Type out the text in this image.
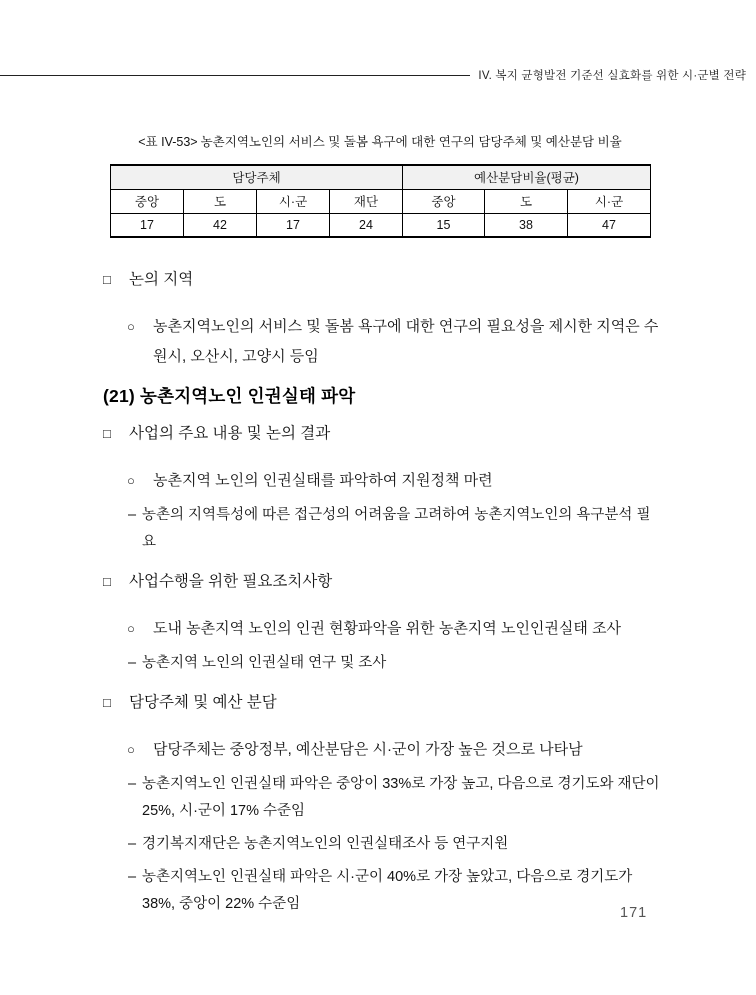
IV. 복지 균형발전 기준선 실효화를 위한 시·군별 전략
<표 IV-53> 농촌지역노인의 서비스 및 돌봄 욕구에 대한 연구의 담당주체 및 예산분담 비율
담당주체				예산분담비율(평균)		
중앙	도	시·군	재단	중앙	도	시·군
17	42	17	24	15	38	47
□	논의 지역
○	농촌지역노인의 서비스 및 돌봄 욕구에 대한 연구의 필요성을 제시한 지역은 수원시, 오산시, 고양시 등임
(21) 농촌지역노인 인권실태 파악
□	사업의 주요 내용 및 논의 결과
○	농촌지역 노인의 인권실태를 파악하여 지원정책 마련
– 농촌의 지역특성에 따른 접근성의 어려움을 고려하여 농촌지역노인의 욕구분석 필요
□	사업수행을 위한 필요조치사항
○	도내 농촌지역 노인의 인권 현황파악을 위한 농촌지역 노인인권실태 조사
– 농촌지역 노인의 인권실태 연구 및 조사
□	담당주체 및 예산 분담
○	담당주체는 중앙정부, 예산분담은 시·군이 가장 높은 것으로 나타남
– 농촌지역노인 인권실태 파악은 중앙이 33%로 가장 높고, 다음으로 경기도와 재단이 25%, 시·군이 17% 수준임
– 경기복지재단은 농촌지역노인의 인권실태조사 등 연구지원
– 농촌지역노인 인권실태 파악은 시·군이 40%로 가장 높았고, 다음으로 경기도가 38%, 중앙이 22% 수준임
171
